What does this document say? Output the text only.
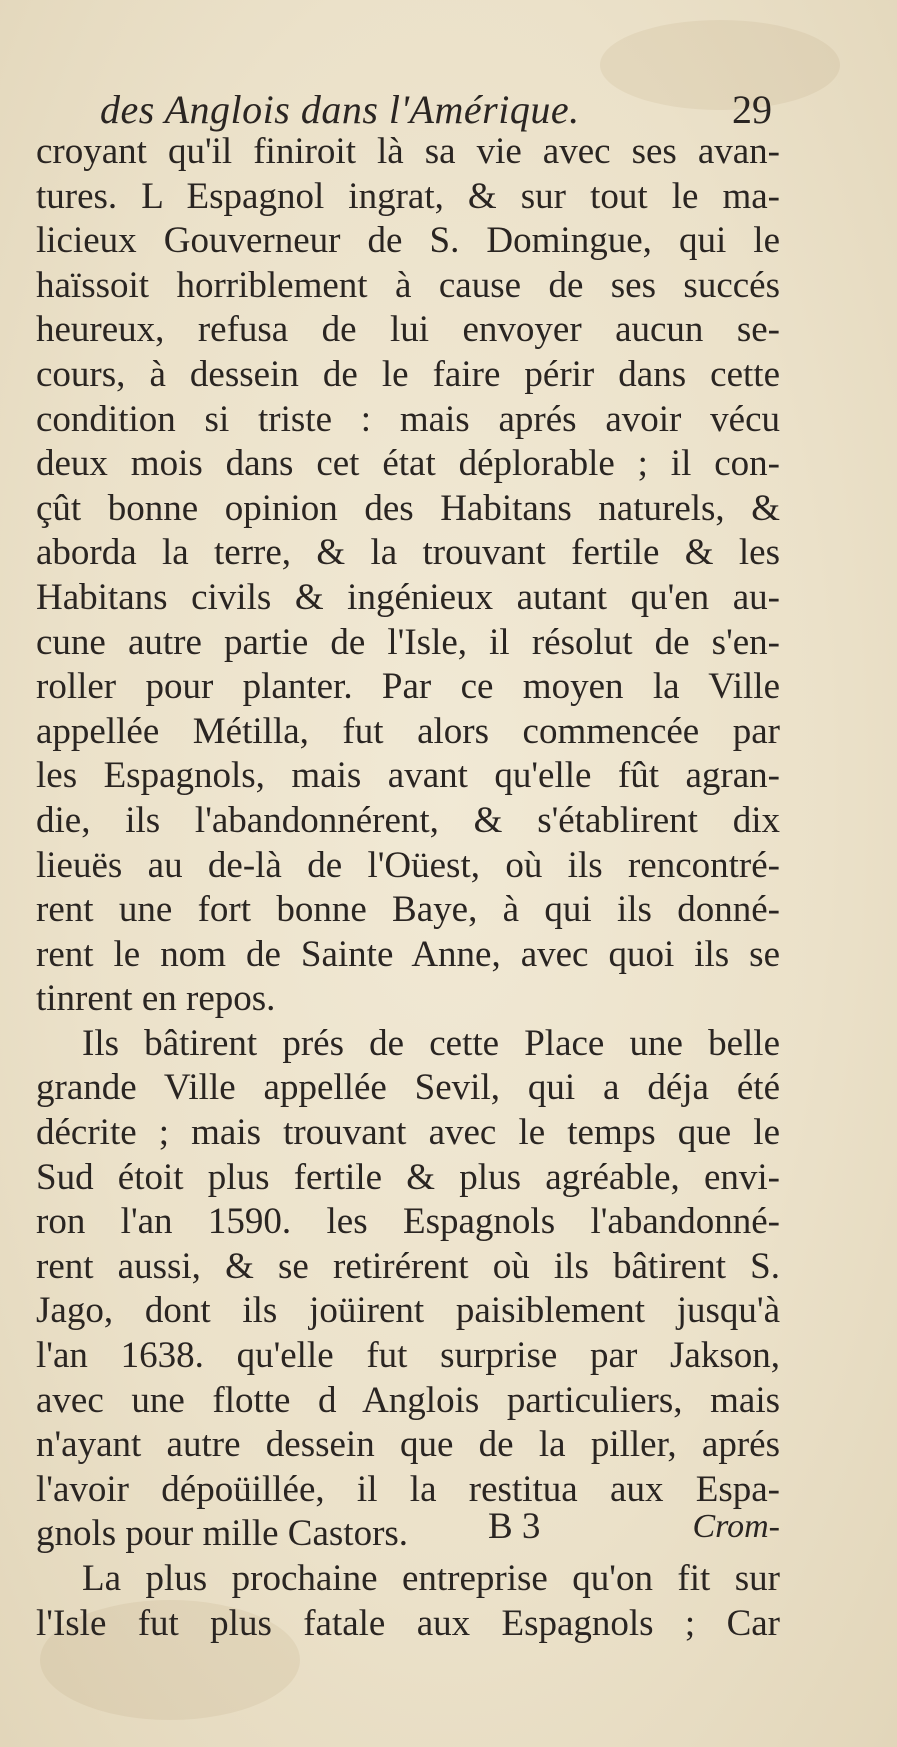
des Anglois dans l'Amérique.	29
croyant qu'il finiroit là sa vie avec ses avan-
tures. L Espagnol ingrat, & sur tout le ma-
licieux Gouverneur de S. Domingue, qui le
haïssoit horriblement à cause de ses succés
heureux, refusa de lui envoyer aucun se-
cours, à dessein de le faire périr dans cette
condition si triste : mais aprés avoir vécu
deux mois dans cet état déplorable ; il con-
çût bonne opinion des Habitans naturels, &
aborda la terre, & la trouvant fertile & les
Habitans civils & ingénieux autant qu'en au-
cune autre partie de l'Isle, il résolut de s'en-
roller pour planter. Par ce moyen la Ville
appellée Métilla, fut alors commencée par
les Espagnols, mais avant qu'elle fût agran-
die, ils l'abandonnérent, & s'établirent dix
lieuës au de-là de l'Oüest, où ils rencontré-
rent une fort bonne Baye, à qui ils donné-
rent le nom de Sainte Anne, avec quoi ils se
tinrent en repos.
Ils bâtirent prés de cette Place une belle
grande Ville appellée Sevil, qui a déja été
décrite ; mais trouvant avec le temps que le
Sud étoit plus fertile & plus agréable, envi-
ron l'an 1590. les Espagnols l'abandonné-
rent aussi, & se retirérent où ils bâtirent S.
Jago, dont ils joüirent paisiblement jusqu'à
l'an 1638. qu'elle fut surprise par Jakson,
avec une flotte d Anglois particuliers, mais
n'ayant autre dessein que de la piller, aprés
l'avoir dépoüillée, il la restitua aux Espa-
gnols pour mille Castors.
La plus prochaine entreprise qu'on fit sur
l'Isle fut plus fatale aux Espagnols ; Car
B 3	Crom-
